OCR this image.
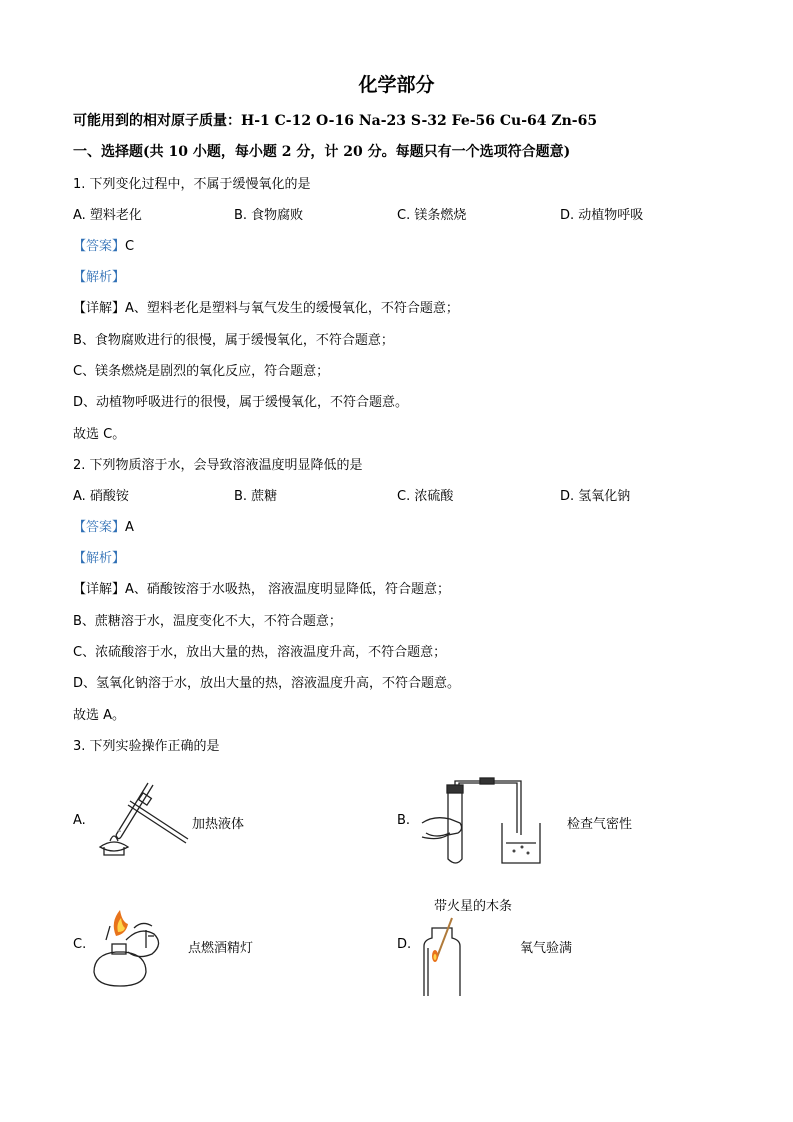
化学部分
可能用到的相对原子质量：H-1 C-12 O-16 Na-23 S-32 Fe-56 Cu-64 Zn-65
一、选择题(共 10 小题，每小题 2 分，计 20 分。每题只有一个选项符合题意)
1. 下列变化过程中，不属于缓慢氧化的是
A. 塑料老化	B. 食物腐败	C. 镁条燃烧	D. 动植物呼吸
【答案】C
【解析】
【详解】A、塑料老化是塑料与氧气发生的缓慢氧化，不符合题意；
B、食物腐败进行的很慢，属于缓慢氧化，不符合题意；
C、镁条燃烧是剧烈的氧化反应，符合题意；
D、动植物呼吸进行的很慢，属于缓慢氧化，不符合题意。
故选 C。
2. 下列物质溶于水，会导致溶液温度明显降低的是
A. 硝酸铵	B. 蔗糖	C. 浓硫酸	D. 氢氧化钠
【答案】A
【解析】
【详解】A、硝酸铵溶于水吸热， 溶液温度明显降低，符合题意；
B、蔗糖溶于水，温度变化不大，不符合题意；
C、浓硫酸溶于水，放出大量的热，溶液温度升高，不符合题意；
D、氢氧化钠溶于水，放出大量的热，溶液温度升高，不符合题意。
故选 A。
3. 下列实验操作正确的是
A.	加热液体	B.	检查气密性
C.	点燃酒精灯
带火星的木条
D.	氧气验满
